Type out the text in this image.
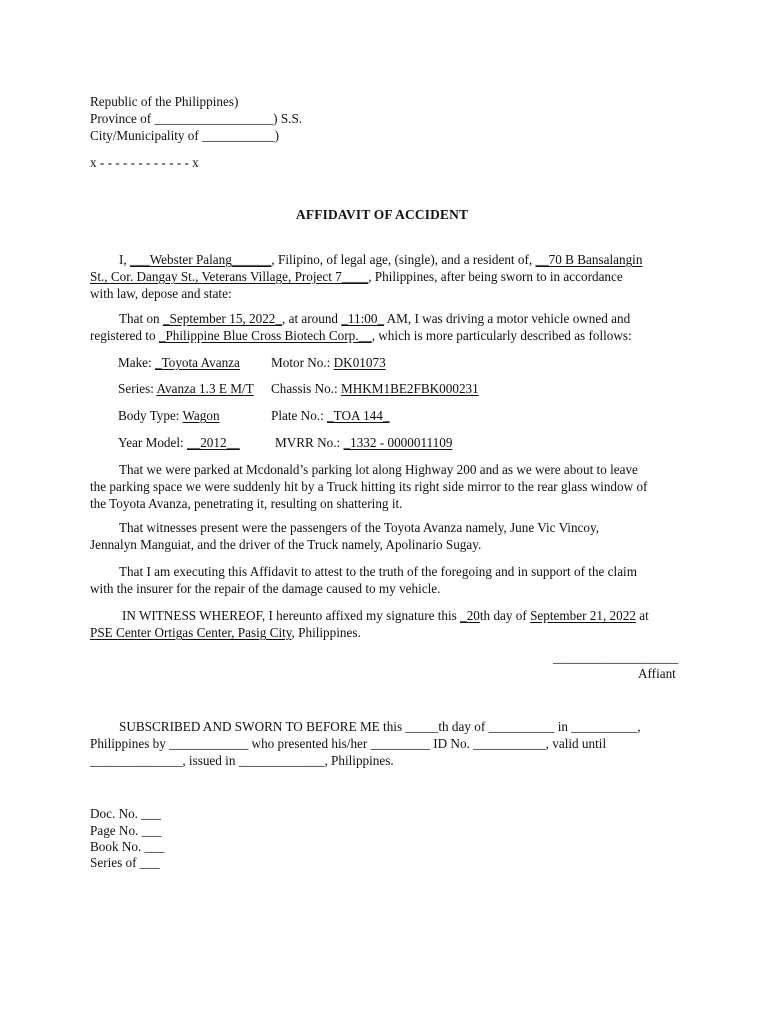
Republic of the Philippines)
Province of __________________) S.S.
City/Municipality of ___________)
x - - - - - - - - - - - - x
AFFIDAVIT OF ACCIDENT
I, ___Webster Palang______, Filipino, of legal age, (single), and a resident of, __70 B Bansalangin
St., Cor. Dangay St., Veterans Village, Project 7____, Philippines, after being sworn to in accordance
with law, depose and state:
That on _September 15, 2022_, at around _11:00_ AM, I was driving a motor vehicle owned and
registered to _Philippine Blue Cross Biotech Corp.__, which is more particularly described as follows:
Make: _Toyota Avanza Motor No.: DK01073
Series: Avanza 1.3 E M/T Chassis No.: MHKM1BE2FBK000231
Body Type: Wagon	Plate No.: _TOA 144_
Year Model: __2012__	MVRR No.: _1332 - 0000011109
That we were parked at Mcdonald’s parking lot along Highway 200 and as we were about to leave
the parking space we were suddenly hit by a Truck hitting its right side mirror to the rear glass window of
the Toyota Avanza, penetrating it, resulting on shattering it.
That witnesses present were the passengers of the Toyota Avanza namely, June Vic Vincoy,
Jennalyn Manguiat, and the driver of the Truck namely, Apolinario Sugay.
That I am executing this Affidavit to attest to the truth of the foregoing and in support of the claim
with the insurer for the repair of the damage caused to my vehicle.
IN WITNESS WHEREOF, I hereunto affixed my signature this _20th day of September 21, 2022 at
PSE Center Ortigas Center, Pasig City, Philippines.
___________________
Affiant
SUBSCRIBED AND SWORN TO BEFORE ME this _____th day of __________ in __________,
Philippines by ____________ who presented his/her _________ ID No. ___________, valid until
______________, issued in _____________, Philippines.
Doc. No. ___
Page No. ___
Book No. ___
Series of ___
